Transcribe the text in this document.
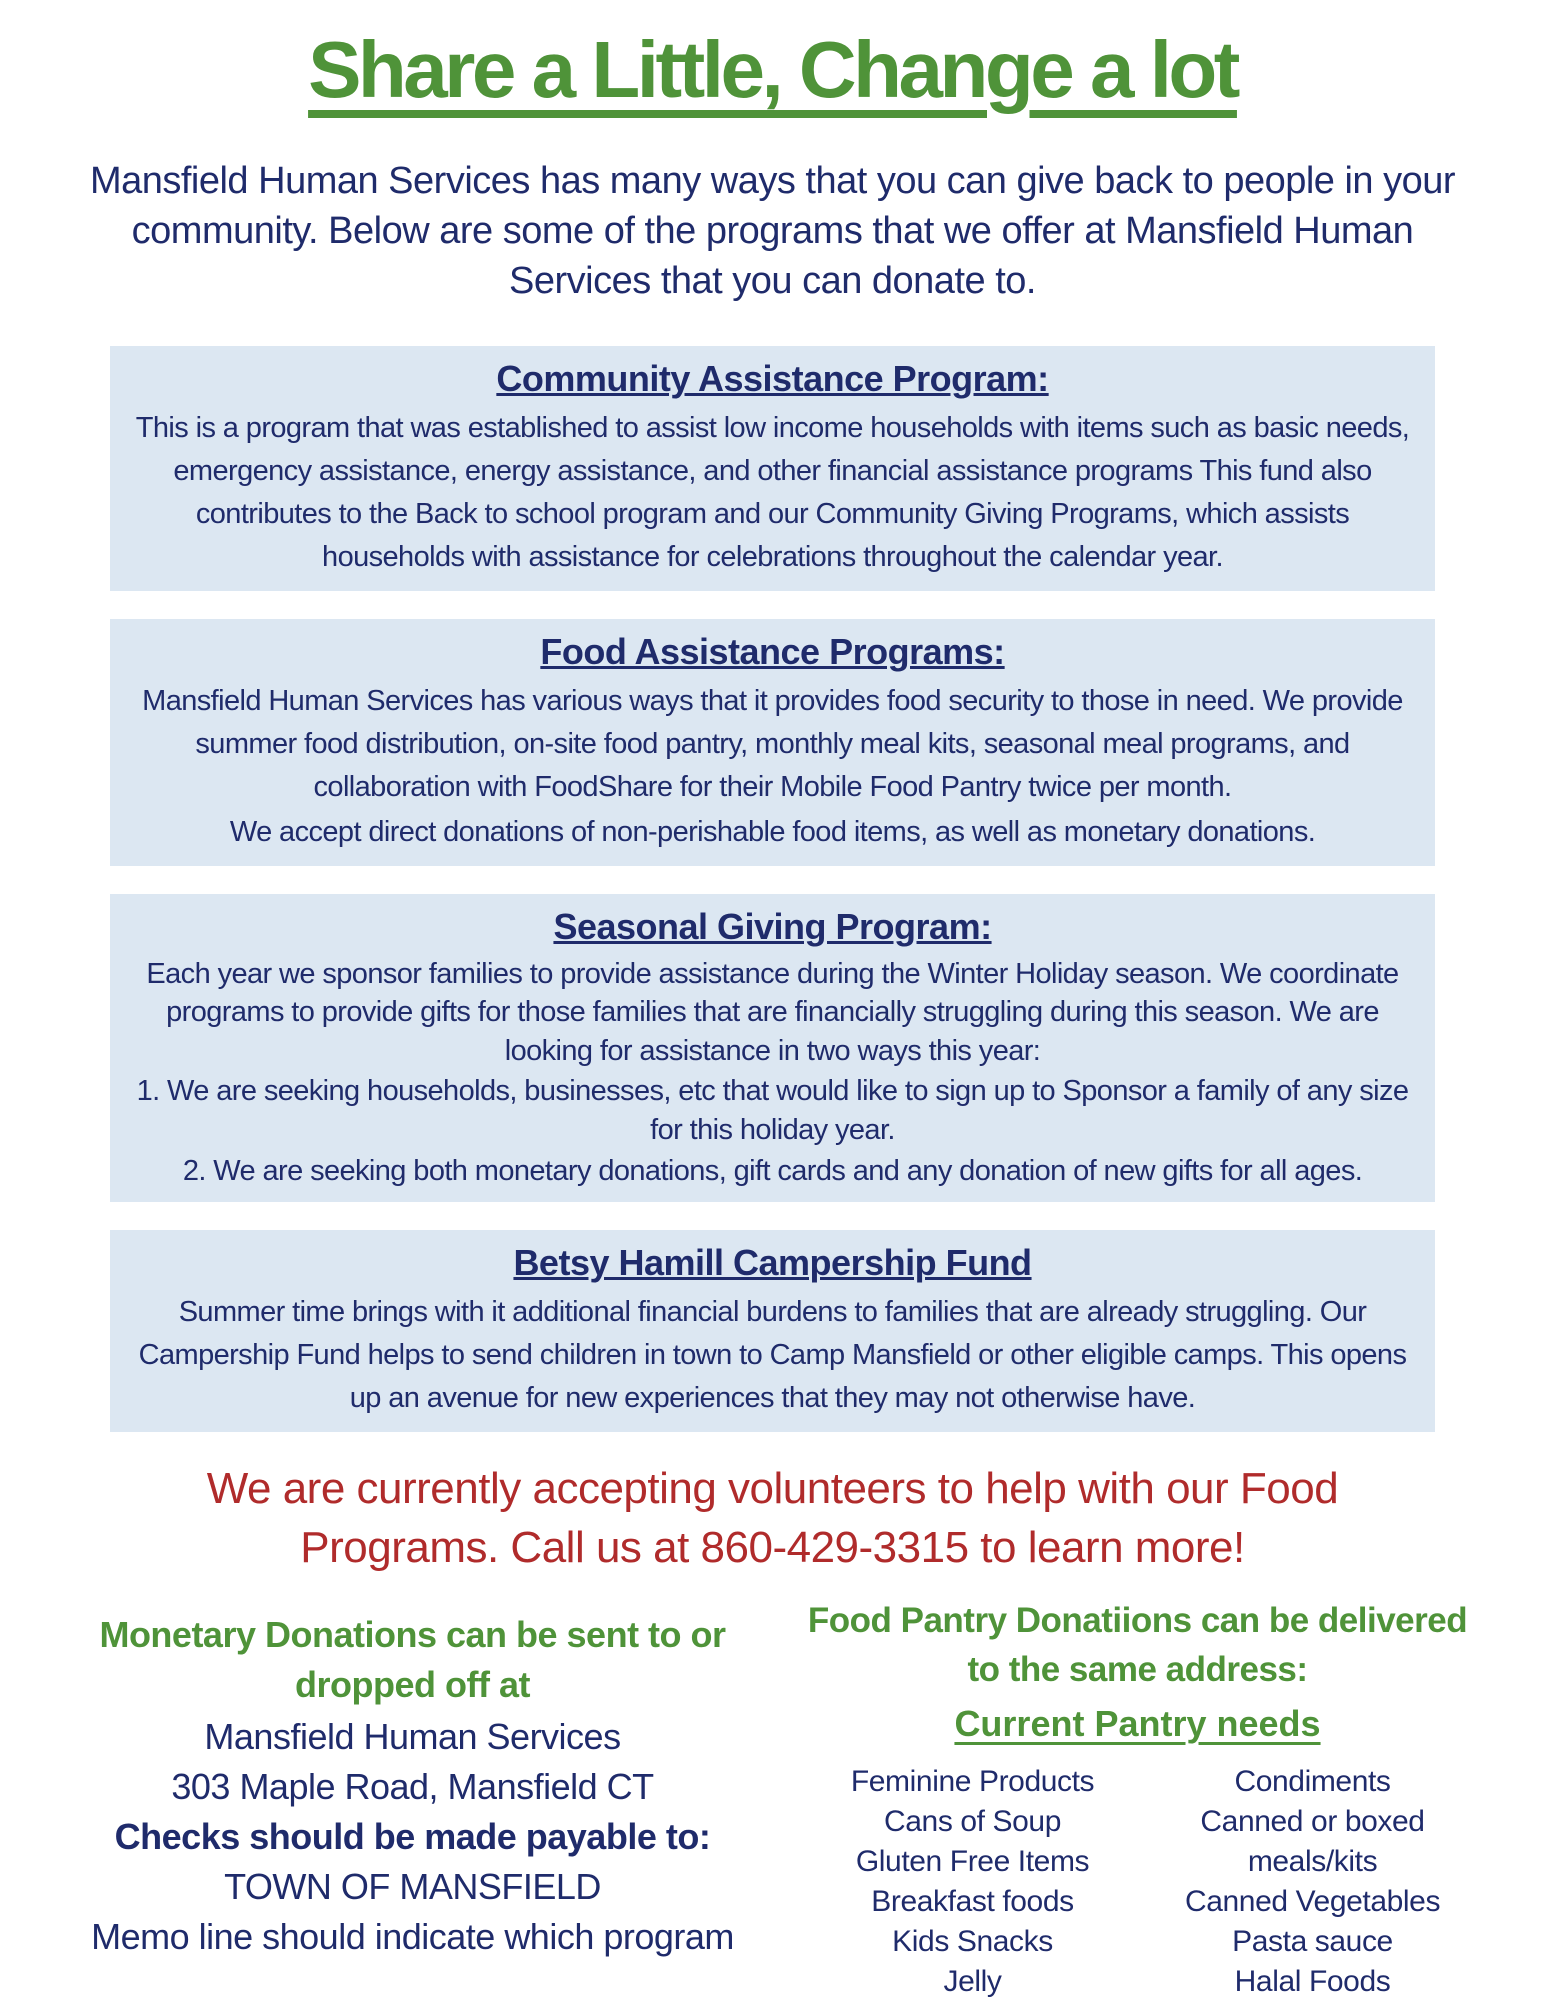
Share a Little, Change a lot

Mansfield Human Services has many ways that you can give back to people in your community. Below are some of the programs that we offer at Mansfield Human Services that you can donate to.

Community Assistance Program:

This is a program that was established to assist low income households with items such as basic needs, emergency assistance, energy assistance, and other financial assistance programs This fund also contributes to the Back to school program and our Community Giving Programs, which assists households with assistance for celebrations throughout the calendar year.

Food Assistance Programs:

Mansfield Human Services has various ways that it provides food security to those in need. We provide summer food distribution, on-site food pantry, monthly meal kits, seasonal meal programs, and collaboration with FoodShare for their Mobile Food Pantry twice per month.

We accept direct donations of non-perishable food items, as well as monetary donations.

Seasonal Giving Program:

Each year we sponsor families to provide assistance during the Winter Holiday season. We coordinate programs to provide gifts for those families that are financially struggling during this season. We are looking for assistance in two ways this year:

1. We are seeking households, businesses, etc that would like to sign up to Sponsor a family of any size for this holiday year.

2. We are seeking both monetary donations, gift cards and any donation of new gifts for all ages.

Betsy Hamill Campership Fund

Summer time brings with it additional financial burdens to families that are already struggling. Our Campership Fund helps to send children in town to Camp Mansfield or other eligible camps. This opens up an avenue for new experiences that they may not otherwise have.

We are currently accepting volunteers to help with our Food Programs. Call us at 860-429-3315 to learn more!

Monetary Donations can be sent to or dropped off at
Mansfield Human Services
303 Maple Road, Mansfield CT
Checks should be made payable to:
TOWN OF MANSFIELD
Memo line should indicate which program
Food Pantry Donatiions can be delivered to the same address:
Current Pantry needs
Feminine Products
Cans of Soup
Gluten Free Items
Breakfast foods
Kids Snacks
Jelly
Condiments
Canned or boxed meals/kits
Canned Vegetables
Pasta sauce
Halal Foods
